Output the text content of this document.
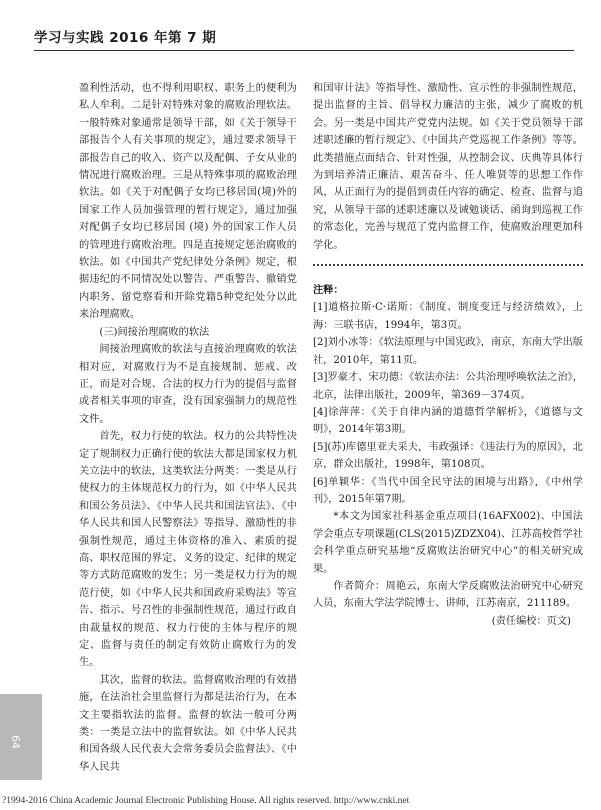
学习与实践 2016 年第 7 期

盈利性活动，也不得利用职权、职务上的便利为私人牟利。二是针对特殊对象的腐败治理软法。一般特殊对象通常是领导干部，如《关于领导干部报告个人有关事项的规定》，通过要求领导干部报告自己的收入、资产以及配偶、子女从业的情况进行腐败治理。三是从特殊事项的腐败治理软法。如《关于对配偶子女均已移居国(境)外的国家工作人员加强管理的暂行规定》，通过加强对配偶子女均已移居国 (境) 外的国家工作人员的管理进行腐败治理。四是直接规定惩治腐败的软法。如《中国共产党纪律处分条例》规定，根据违纪的不同情况处以警告、严重警告、撤销党内职务、留党察看和开除党籍5种党纪处分以此来治理腐败。

(三)间接治理腐败的软法

间接治理腐败的软法与直接治理腐败的软法相对应，对腐败行为不是直接规制、惩戒、改正，而是对合规、合法的权力行为的提倡与监督或者相关事项的审查，没有国家强制力的规范性文件。

首先，权力行使的软法。权力的公共特性决定了规制权力正确行使的软法大都是国家权力机关立法中的软法，这类软法分两类：一类是从行使权力的主体规范权力的行为，如《中华人民共和国公务员法》、《中华人民共和国法官法》、《中华人民共和国人民警察法》等指导、激励性的非强制性规范，通过主体资格的准入、素质的提高、职权范围的界定、义务的设定、纪律的规定等方式防范腐败的发生；另一类是权力行为的规范行使，如《中华人民共和国政府采购法》等宣告、指示、号召性的非强制性规范，通过行政自由裁量权的规范、权力行使的主体与程序的规定、监督与责任的制定有效防止腐败行为的发生。

其次，监督的软法。监督腐败治理的有效措施，在法治社会里监督行为都是法治行为，在本文主要指软法的监督。监督的软法一般可分两类：一类是立法中的监督软法。如《中华人民共和国各级人民代表大会常务委员会监督法》、《中华人民共

和国审计法》等指导性、激励性、宣示性的非强制性规范，提出监督的主旨、倡导权力廉洁的主张，减少了腐败的机会。另一类是中国共产党党内法规。如《关于党员领导干部述职述廉的暂行规定》、《中国共产党巡视工作条例》等等。此类措施点面结合、针对性强，从控制会议、庆典等具体行为到培养清正廉洁、艰苦奋斗、任人唯贤等的思想工作作风，从正面行为的提倡到责任内容的确定、检查、监督与追究，从领导干部的述职述廉以及诫勉谈话、函询到巡视工作的常态化，完善与规范了党内监督工作，使腐败治理更加科学化。

注释：

[1]道格拉斯·C·诺斯：《制度、制度变迁与经济绩效》，上海：三联书店，1994年，第3页。

[2]刘小冰等：《软法原理与中国宪政》，南京，东南大学出版社，2010年，第11页。

[3]罗豪才、宋功德：《软法亦法：公共治理呼唤软法之治》，北京，法律出版社，2009年，第369－374页。

[4]徐萍萍：《关于自律内涵的道德哲学解析》，《道德与文明》，2014年第3期。

[5](苏)库德里亚夫采夫，韦政强译：《违法行为的原因》，北京，群众出版社，1998年，第108页。

[6]单颖华：《当代中国全民守法的困境与出路》，《中州学刊》，2015年第7期。

*本文为国家社科基金重点项目(16AFX002)、中国法学会重点专项课题(CLS(2015)ZDZX04)、江苏高校哲学社会科学重点研究基地“反腐败法治研究中心”的相关研究成果。

作者简介：周艳云，东南大学反腐败法治研究中心研究人员，东南大学法学院博士、讲师，江苏南京，211189。

(责任编校：页文)

64
?1994-2016 China Academic Journal Electronic Publishing House. All rights reserved. http://www.cnki.net
